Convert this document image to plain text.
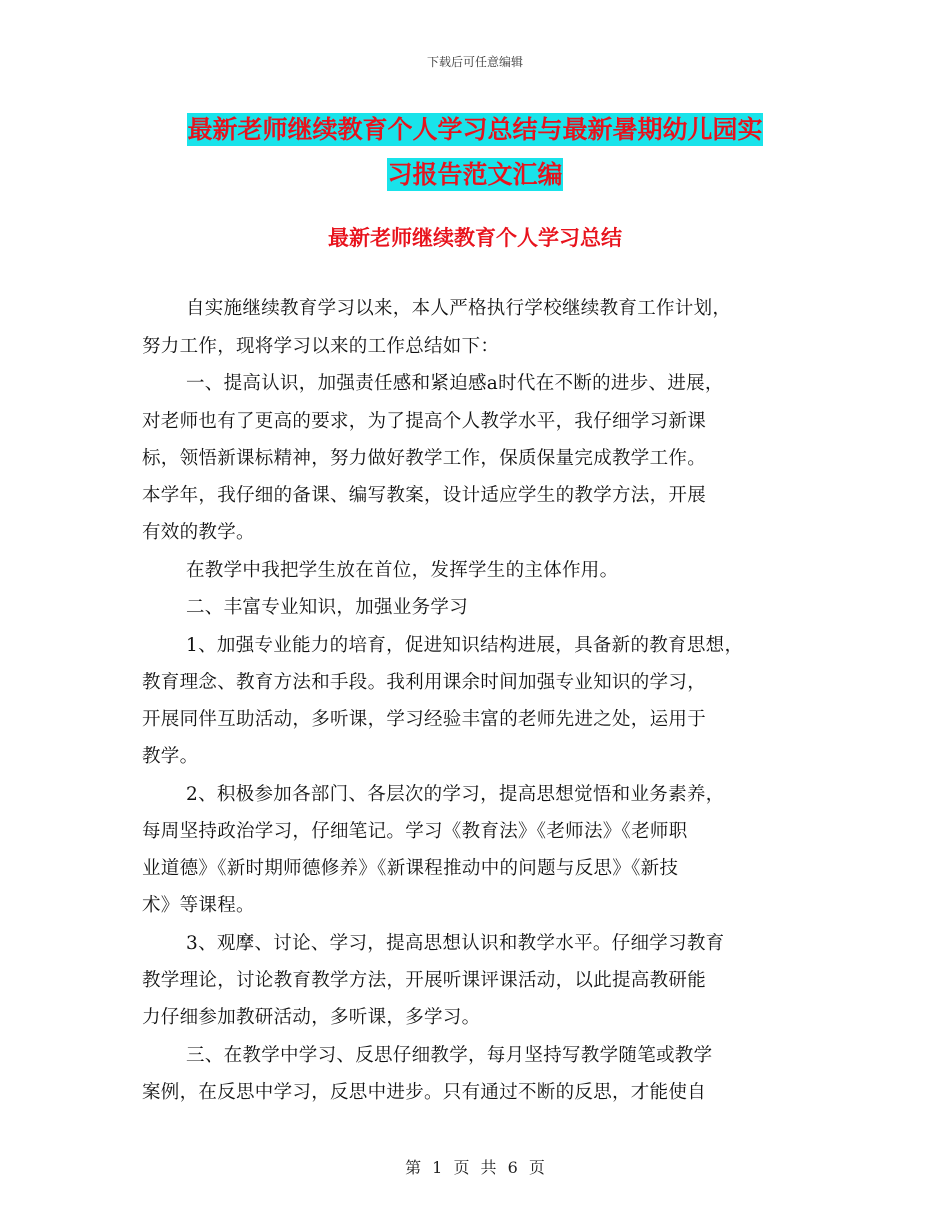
下载后可任意编辑
最新老师继续教育个人学习总结与最新暑期幼儿园实
习报告范文汇编
最新老师继续教育个人学习总结
自实施继续教育学习以来，本人严格执行学校继续教育工作计划，
努力工作，现将学习以来的工作总结如下：
一、提高认识，加强责任感和紧迫感a时代在不断的进步、进展，
对老师也有了更高的要求，为了提高个人教学水平，我仔细学习新课
标，领悟新课标精神，努力做好教学工作，保质保量完成教学工作。
本学年，我仔细的备课、编写教案，设计适应学生的教学方法，开展
有效的教学。
在教学中我把学生放在首位，发挥学生的主体作用。
二、丰富专业知识，加强业务学习
1、加强专业能力的培育，促进知识结构进展，具备新的教育思想，
教育理念、教育方法和手段。我利用课余时间加强专业知识的学习，
开展同伴互助活动，多听课，学习经验丰富的老师先进之处，运用于
教学。
2、积极参加各部门、各层次的学习，提高思想觉悟和业务素养，
每周坚持政治学习，仔细笔记。学习《教育法》《老师法》《老师职
业道德》《新时期师德修养》《新课程推动中的问题与反思》《新技
术》等课程。
3、观摩、讨论、学习，提高思想认识和教学水平。仔细学习教育
教学理论，讨论教育教学方法，开展听课评课活动，以此提高教研能
力仔细参加教研活动，多听课，多学习。
三、在教学中学习、反思仔细教学，每月坚持写教学随笔或教学
案例，在反思中学习，反思中进步。只有通过不断的反思，才能使自
第 1 页 共 6 页
